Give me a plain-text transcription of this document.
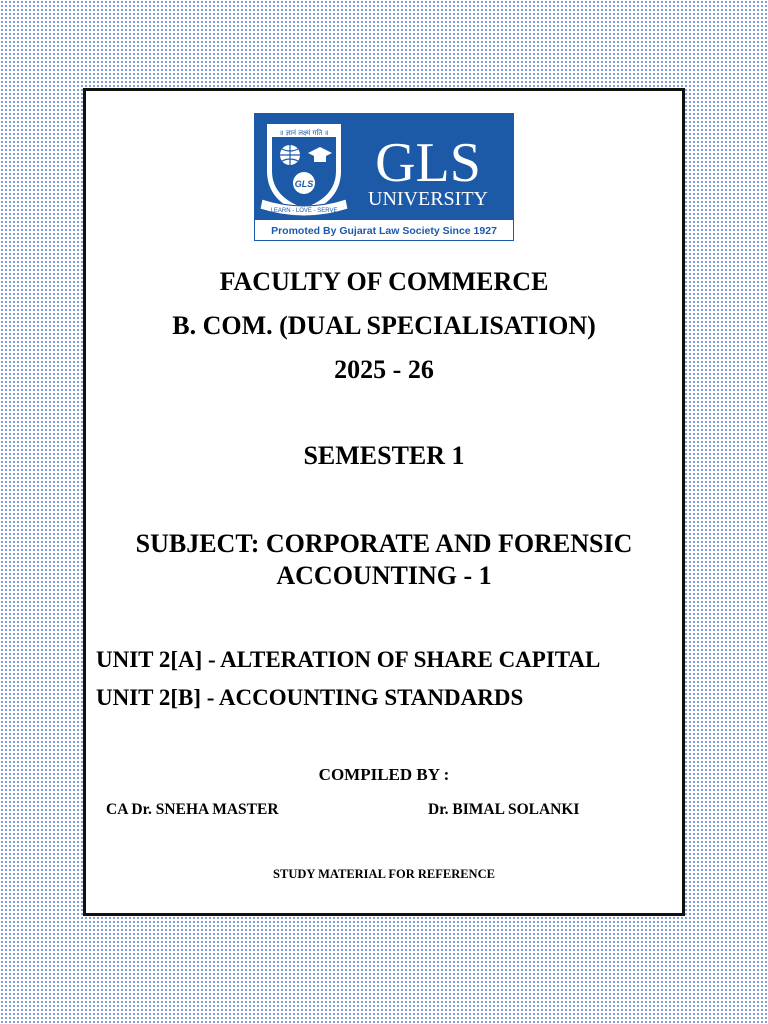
॥ ज्ञानं लक्ष्मं गति ॥
GLS
LEARN - LOVE - SERVE
GLS
UNIVERSITY
Promoted By Gujarat Law Society Since 1927
FACULTY OF COMMERCE
B. COM. (DUAL SPECIALISATION)
2025 - 26
SEMESTER 1
SUBJECT: CORPORATE AND FORENSIC
ACCOUNTING - 1
UNIT 2[A] - ALTERATION OF SHARE CAPITAL
UNIT 2[B] - ACCOUNTING STANDARDS
COMPILED BY :
CA Dr. SNEHA MASTER	Dr. BIMAL SOLANKI
STUDY MATERIAL FOR REFERENCE
